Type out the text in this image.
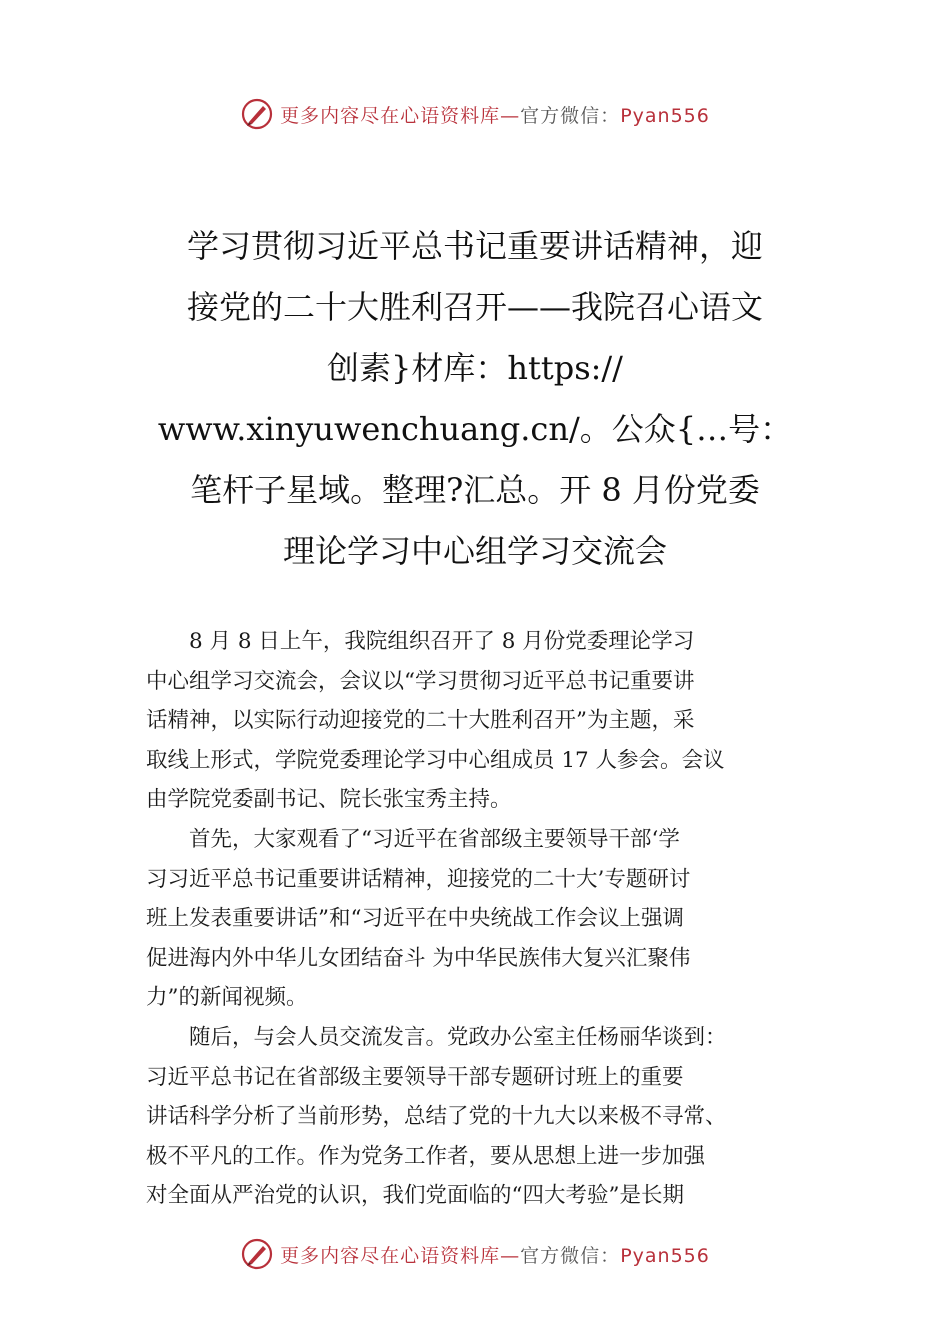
更多内容尽在心语资料库—官方微信：Pyan556
学习贯彻习近平总书记重要讲话精神，迎
接党的二十大胜利召开——我院召心语文
创素}材库：https://
www.xinyuwenchuang.cn/。公众{…号：
笔杆子星域。整理?汇总。开 8 月份党委
理论学习中心组学习交流会
　　8 月 8 日上午，我院组织召开了 8 月份党委理论学习
中心组学习交流会，会议以“学习贯彻习近平总书记重要讲
话精神，以实际行动迎接党的二十大胜利召开”为主题，采
取线上形式，学院党委理论学习中心组成员 17 人参会。会议
由学院党委副书记、院长张宝秀主持。
　　首先，大家观看了“习近平在省部级主要领导干部‘学
习习近平总书记重要讲话精神，迎接党的二十大’专题研讨
班上发表重要讲话”和“习近平在中央统战工作会议上强调
促进海内外中华儿女团结奋斗 为中华民族伟大复兴汇聚伟
力”的新闻视频。
　　随后，与会人员交流发言。党政办公室主任杨丽华谈到：
习近平总书记在省部级主要领导干部专题研讨班上的重要
讲话科学分析了当前形势，总结了党的十九大以来极不寻常、
极不平凡的工作。作为党务工作者，要从思想上进一步加强
对全面从严治党的认识，我们党面临的“四大考验”是长期
更多内容尽在心语资料库—官方微信：Pyan556
